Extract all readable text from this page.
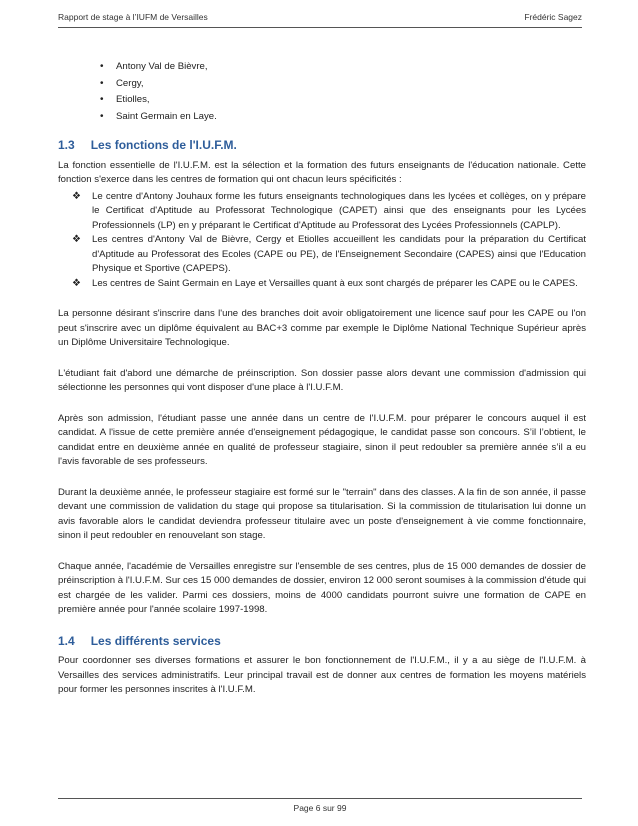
Rapport de stage à l’IUFM de Versailles	Frédéric Sagez
• Antony Val de Bièvre,
• Cergy,
• Etiolles,
• Saint Germain en Laye.
1.3 Les fonctions de l'I.U.F.M.

La fonction essentielle de l'I.U.F.M. est la sélection et la formation des futurs enseignants de l'éducation nationale. Cette fonction s'exerce dans les centres de formation qui ont chacun leurs spécificités :

❖ Le centre d'Antony Jouhaux forme les futurs enseignants technologiques dans les lycées et collèges, on y prépare le Certificat d'Aptitude au Professorat Technologique (CAPET) ainsi que des enseignants pour les Lycées Professionnels (LP) en y préparant le Certificat d'Aptitude au Professorat des Lycées Professionnels (CAPLP).
❖ Les centres d'Antony Val de Bièvre, Cergy et Etiolles accueillent les candidats pour la préparation du Certificat d'Aptitude au Professorat des Ecoles (CAPE ou PE), de l'Enseignement Secondaire (CAPES) ainsi que l'Education Physique et Sportive (CAPEPS).
❖ Les centres de Saint Germain en Laye et Versailles quant à eux sont chargés de préparer les CAPE ou le CAPES.

La personne désirant s'inscrire dans l'une des branches doit avoir obligatoirement une licence sauf pour les CAPE ou l'on peut s'inscrire avec un diplôme équivalent au BAC+3 comme par exemple le Diplôme National Technique Supérieur après un Diplôme Universitaire Technologique.

L'étudiant fait d'abord une démarche de préinscription. Son dossier passe alors devant une commission d'admission qui sélectionne les personnes qui vont disposer d'une place à l'I.U.F.M.

Après son admission, l'étudiant passe une année dans un centre de l'I.U.F.M. pour préparer le concours auquel il est candidat. A l'issue de cette première année d'enseignement pédagogique, le candidat passe son concours. S’il l’obtient, le candidat entre en deuxième année en qualité de professeur stagiaire, sinon il peut redoubler sa première année s’il a eu l'avis favorable de ses professeurs.

Durant la deuxième année, le professeur stagiaire est formé sur le "terrain" dans des classes. A la fin de son année, il passe devant une commission de validation du stage qui propose sa titularisation. Si la commission de titularisation lui donne un avis favorable alors le candidat deviendra professeur titulaire avec un poste d'enseignement à vie comme fonctionnaire, sinon il peut redoubler en renouvelant son stage.

Chaque année, l'académie de Versailles enregistre sur l'ensemble de ses centres, plus de 15 000 demandes de dossier de préinscription à l'I.U.F.M. Sur ces 15 000 demandes de dossier, environ 12 000 seront soumises à la commission d'étude qui est chargée de les valider. Parmi ces dossiers, moins de 4000 candidats pourront suivre une formation de CAPE en première année pour l'année scolaire 1997-1998.

1.4 Les différents services

Pour coordonner ses diverses formations et assurer le bon fonctionnement de l'I.U.F.M., il y a au siège de l'I.U.F.M. à Versailles des services administratifs. Leur principal travail est de donner aux centres de formation les moyens matériels pour former les personnes inscrites à l'I.U.F.M.

Page 6 sur 99
